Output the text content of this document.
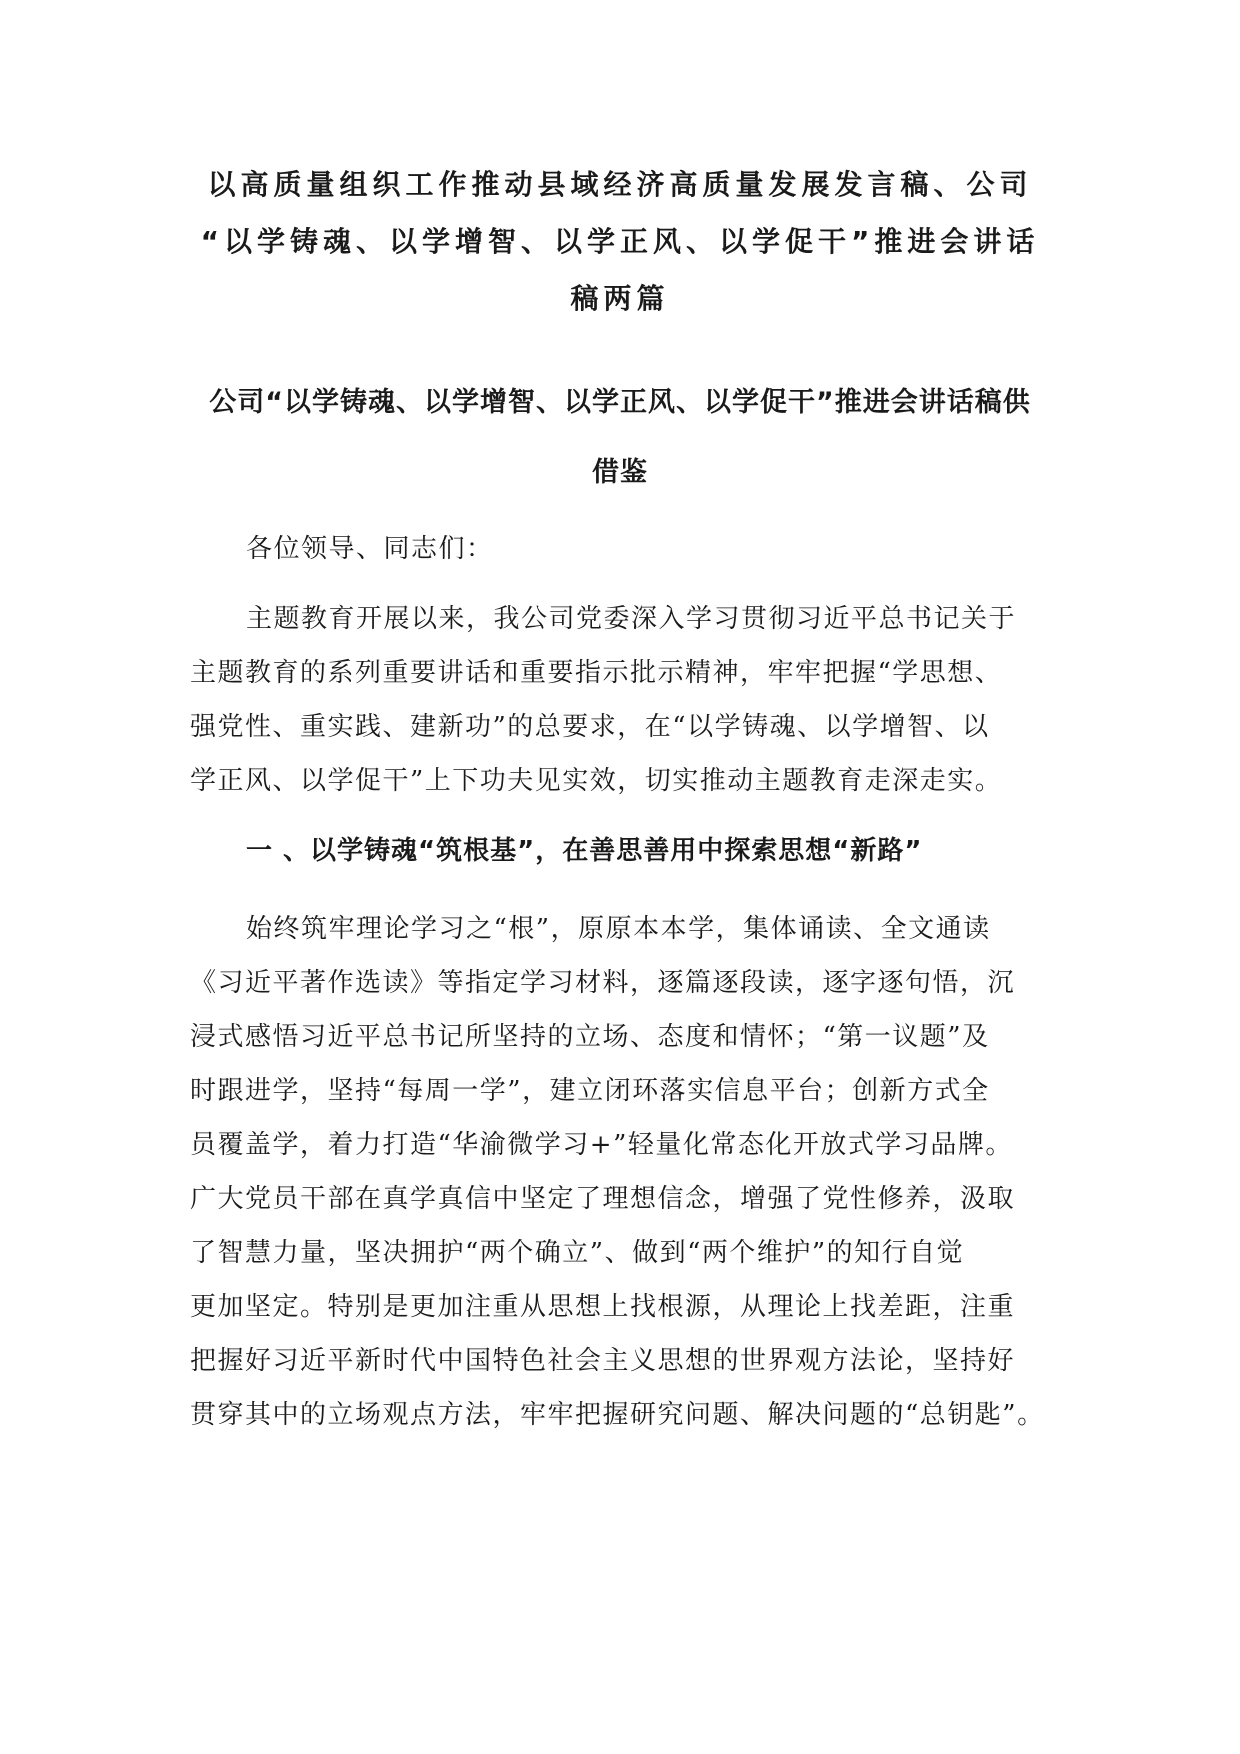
以高质量组织工作推动县域经济高质量发展发言稿、公司
“以学铸魂、以学增智、以学正风、以学促干”推进会讲话
稿两篇
公司“以学铸魂、以学增智、以学正风、以学促干”推进会讲话稿供
借鉴

各位领导、同志们：

主题教育开展以来，我公司党委深入学习贯彻习近平总书记关于

主题教育的系列重要讲话和重要指示批示精神，牢牢把握“学思想、

强党性、重实践、建新功”的总要求，在“以学铸魂、以学增智、以

学正风、以学促干”上下功夫见实效，切实推动主题教育走深走实。

一 、以学铸魂“筑根基”，在善思善用中探索思想“新路”

始终筑牢理论学习之“根”，原原本本学，集体诵读、全文通读

《习近平著作选读》等指定学习材料，逐篇逐段读，逐字逐句悟，沉

浸式感悟习近平总书记所坚持的立场、态度和情怀；“第一议题”及

时跟进学，坚持“每周一学”，建立闭环落实信息平台；创新方式全

员覆盖学，着力打造“华渝微学习+”轻量化常态化开放式学习品牌。

广大党员干部在真学真信中坚定了理想信念，增强了党性修养，汲取

了智慧力量，坚决拥护“两个确立”、做到“两个维护”的知行自觉

更加坚定。特别是更加注重从思想上找根源，从理论上找差距，注重

把握好习近平新时代中国特色社会主义思想的世界观方法论，坚持好

贯穿其中的立场观点方法，牢牢把握研究问题、解决问题的“总钥匙”。
